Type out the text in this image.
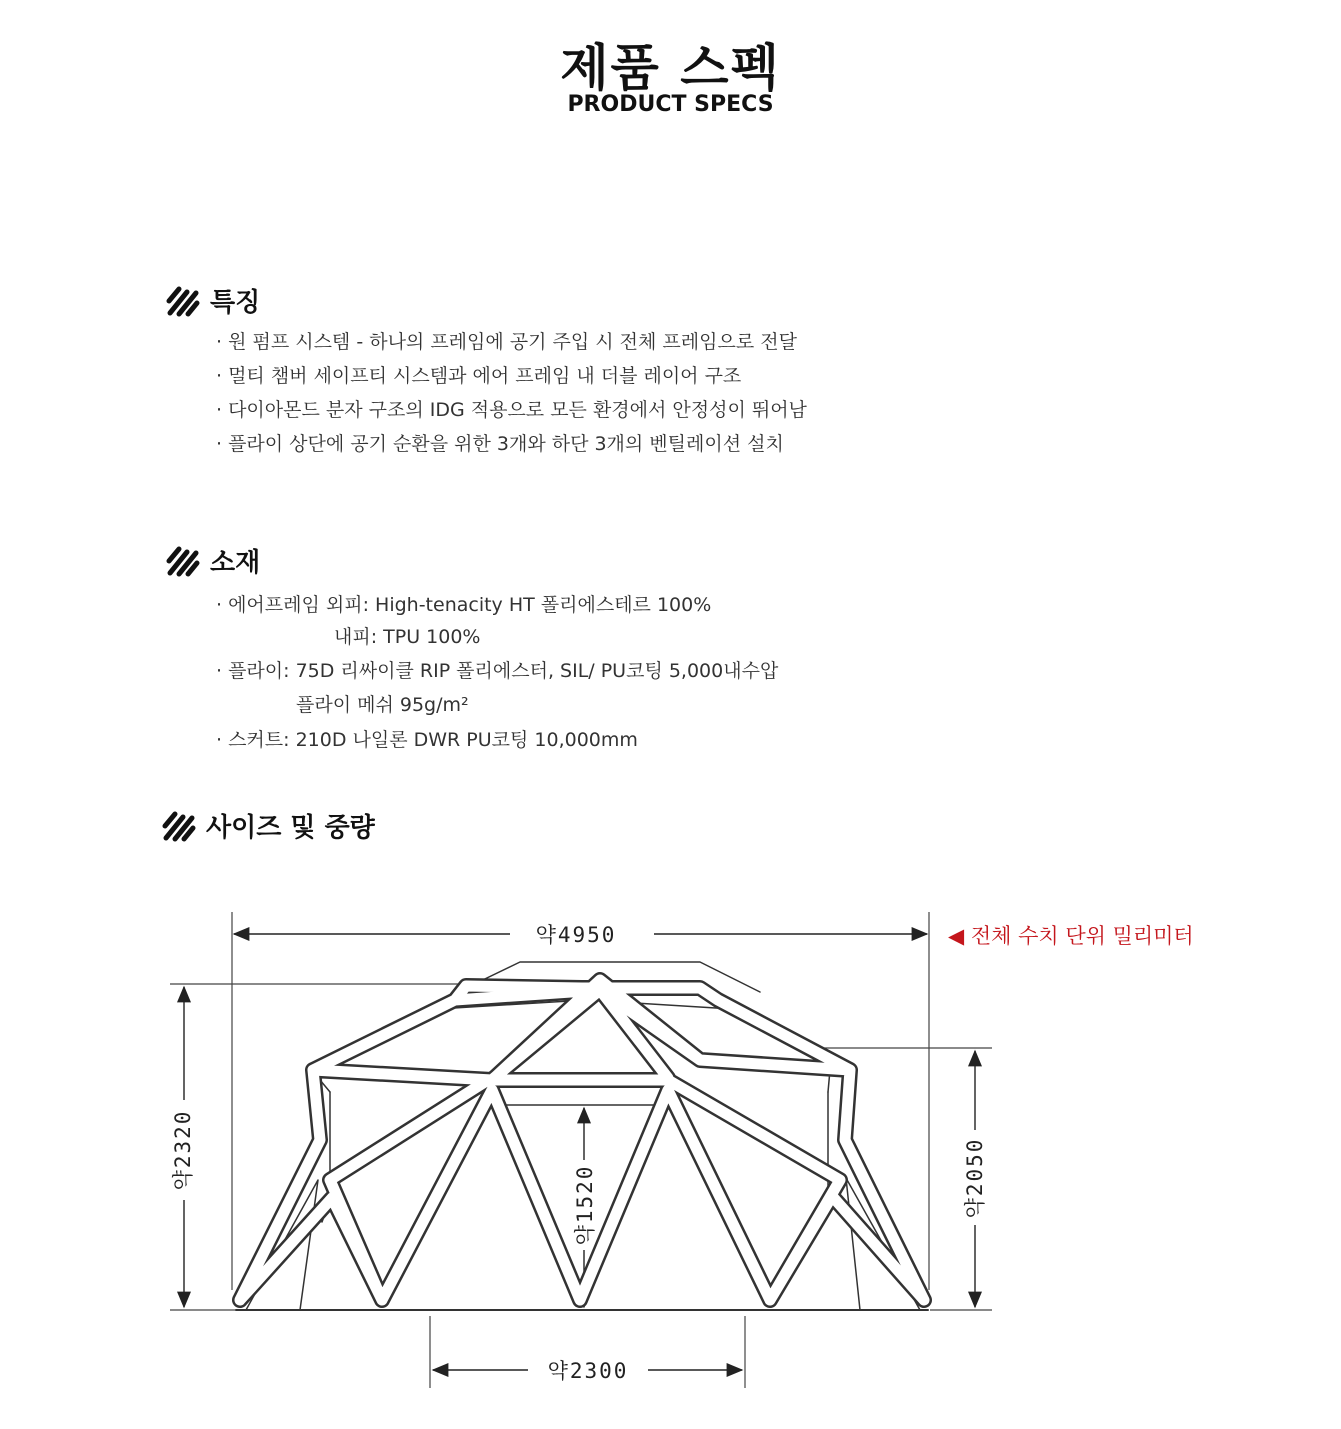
제품 스펙
PRODUCT SPECS
특징
· 원 펌프 시스템 - 하나의 프레임에 공기 주입 시 전체 프레임으로 전달
· 멀티 챔버 세이프티 시스템과 에어 프레임 내 더블 레이어 구조
· 다이아몬드 분자 구조의 IDG 적용으로 모든 환경에서 안정성이 뛰어남
· 플라이 상단에 공기 순환을 위한 3개와 하단 3개의 벤틸레이션 설치
소재
· 에어프레임 외피: High-tenacity HT 폴리에스테르 100%
내피: TPU 100%
· 플라이: 75D 리싸이클 RIP 폴리에스터, SIL/ PU코팅 5,000내수압
플라이 메쉬 95g/m²
· 스커트: 210D 나일론 DWR PU코팅 10,000mm
사이즈 및 중량
◀ 전체 수치 단위 밀리미터
약4950
약2320	약2050
약1520
약2300
